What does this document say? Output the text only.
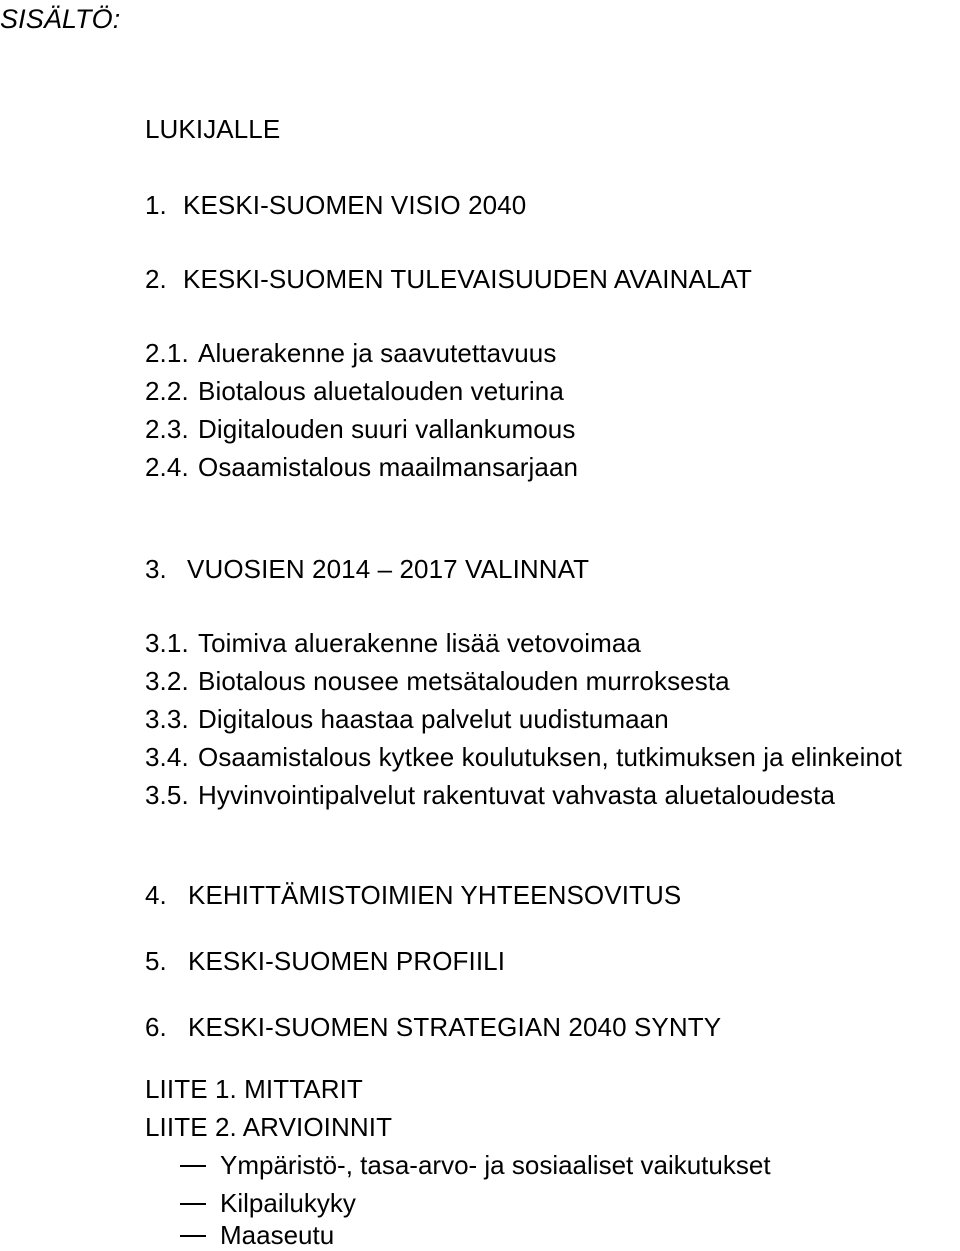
SISÄLTÖ:
LUKIJALLE
1. KESKI-SUOMEN VISIO 2040
2. KESKI-SUOMEN TULEVAISUUDEN AVAINALAT
2.1. Aluerakenne ja saavutettavuus
2.2. Biotalous aluetalouden veturina
2.3. Digitalouden suuri vallankumous
2.4. Osaamistalous maailmansarjaan
3. VUOSIEN 2014 – 2017 VALINNAT
3.1. Toimiva aluerakenne lisää vetovoimaa
3.2. Biotalous nousee metsätalouden murroksesta
3.3. Digitalous haastaa palvelut uudistumaan
3.4. Osaamistalous kytkee koulutuksen, tutkimuksen ja elinkeinot
3.5. Hyvinvointipalvelut rakentuvat vahvasta aluetaloudesta
4. KEHITTÄMISTOIMIEN YHTEENSOVITUS
5. KESKI-SUOMEN PROFIILI
6. KESKI-SUOMEN STRATEGIAN 2040 SYNTY
LIITE 1. MITTARIT
LIITE 2. ARVIOINNIT
Ympäristö-, tasa-arvo- ja sosiaaliset vaikutukset
Kilpailukyky
Maaseutu
